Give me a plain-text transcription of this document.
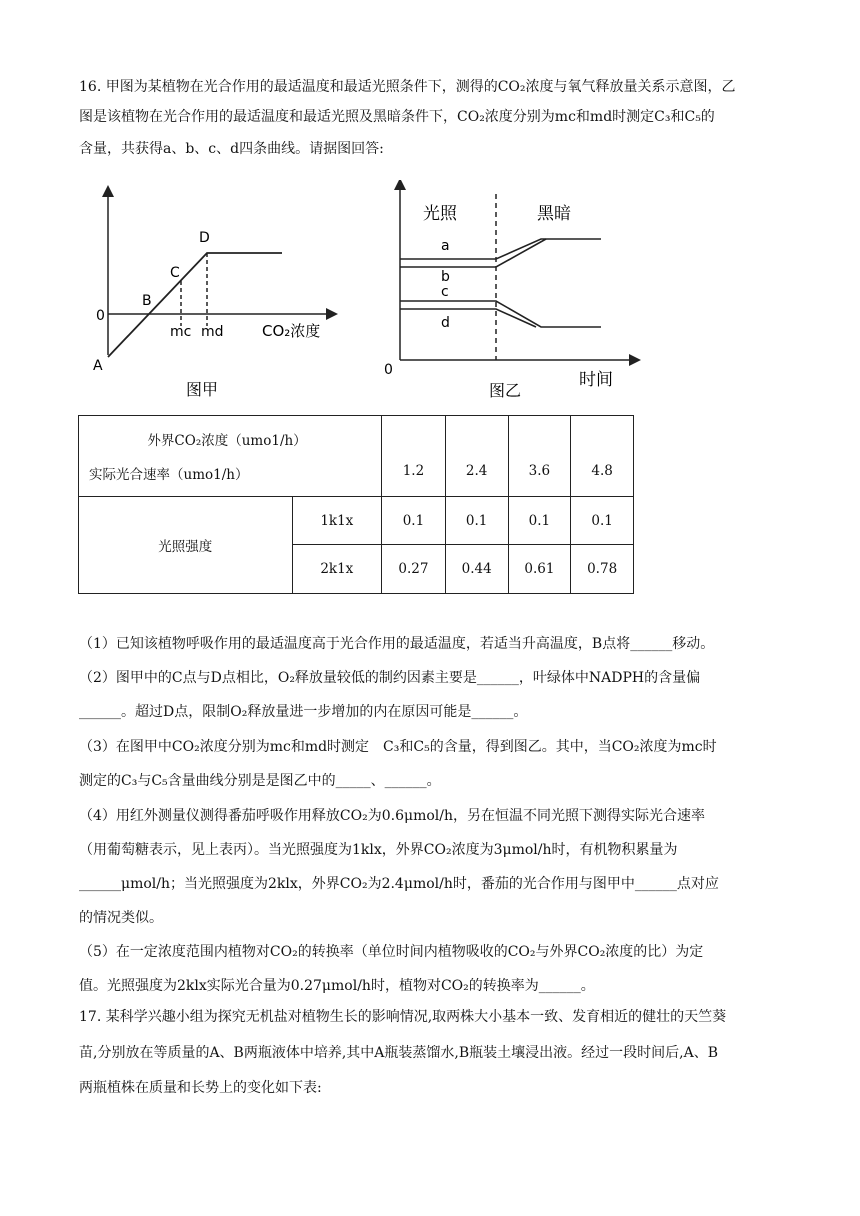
16. 甲图为某植物在光合作用的最适温度和最适光照条件下，测得的CO₂浓度与氧气释放量关系示意图，乙
图是该植物在光合作用的最适温度和最适光照及黑暗条件下，CO₂浓度分别为mc和md时测定C₃和C₅的
含量，共获得a、b、c、d四条曲线。请据图回答:
0
A
B
C
D
mc md	CO₂浓度
图甲
光照	黑暗
a
b
c
d
0	时间
图乙
外界CO₂浓度（umo1/h）
实际光合速率（umo1/h）		1.2	2.4	3.6	4.8
光照强度	1k1x	0.1	0.1	0.1	0.1
	2k1x	0.27	0.44	0.61	0.78
（1）已知该植物呼吸作用的最适温度高于光合作用的最适温度，若适当升高温度，B点将______移动。
（2）图甲中的C点与D点相比，O₂释放量较低的制约因素主要是______，叶绿体中NADPH的含量偏
______。超过D点，限制O₂释放量进一步增加的内在原因可能是______。
（3）在图甲中CO₂浓度分别为mc和md时测定　C₃和C₅的含量，得到图乙。其中，当CO₂浓度为mc时
测定的C₃与C₅含量曲线分别是是图乙中的_____、______。
（4）用红外测量仪测得番茄呼吸作用释放CO₂为0.6μmol/h，另在恒温不同光照下测得实际光合速率
（用葡萄糖表示，见上表丙）。当光照强度为1klx，外界CO₂浓度为3μmol/h时，有机物积累量为
______μmol/h；当光照强度为2klx，外界CO₂为2.4μmol/h时，番茄的光合作用与图甲中______点对应
的情况类似。
（5）在一定浓度范围内植物对CO₂的转换率（单位时间内植物吸收的CO₂与外界CO₂浓度的比）为定
值。光照强度为2klx实际光合量为0.27μmol/h时，植物对CO₂的转换率为______。
17. 某科学兴趣小组为探究无机盐对植物生长的影响情况,取两株大小基本一致、发育相近的健壮的天竺葵
苗,分别放在等质量的A、B两瓶液体中培养,其中A瓶装蒸馏水,B瓶装土壤浸出液。经过一段时间后,A、B
两瓶植株在质量和长势上的变化如下表:
